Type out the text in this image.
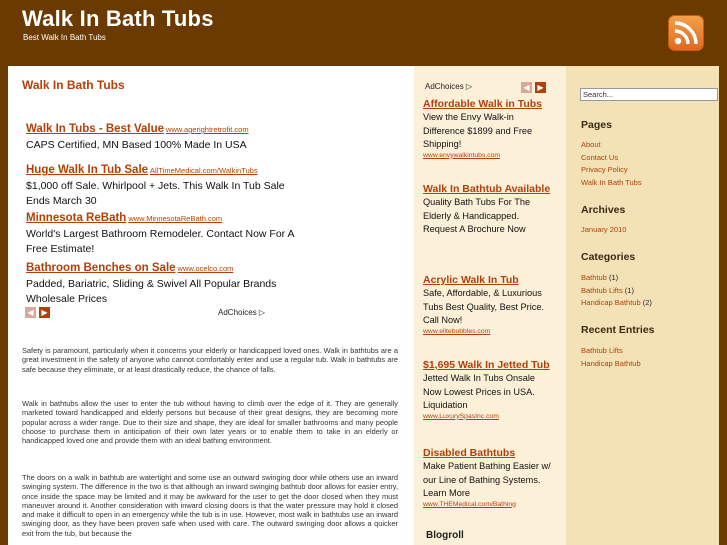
Walk In Bath Tubs
Best Walk In Bath Tubs
Walk In Bath Tubs
Walk In Tubs - Best Value www.agerightretrofit.com
CAPS Certified, MN Based 100% Made In USA
Huge Walk In Tub Sale AllTimeMedical.com/WalkinTubs
$1,000 off Sale. Whirlpool + Jets. This Walk In Tub Sale Ends March 30
Minnesota ReBath www.MinnesotaReBath.com
World's Largest Bathroom Remodeler. Contact Now For A Free Estimate!
Bathroom Benches on Sale www.ocelco.com
Padded, Bariatric, Sliding & Swivel All Popular Brands Wholesale Prices
◀ ▶	AdChoices ▷
Safety is paramount, particularly when it concerns your elderly or handicapped loved ones. Walk in bathtubs are a great investment in the safety of anyone who cannot comfortably enter and use a regular tub. Walk in bathtubs are safe because they eliminate, or at least drastically reduce, the chance of falls.
Walk in bathtubs allow the user to enter the tub without having to climb over the edge of it. They are generally marketed toward handicapped and elderly persons but because of their great designs, they are becoming more popular across a wider range. Due to their size and shape, they are ideal for smaller bathrooms and many people choose to purchase them in anticipation of their own later years or to enable them to take in an elderly or handicapped loved one and provide them with an ideal bathing environment.
The doors on a walk in bathtub are watertight and some use an outward swinging door while others use an inward swinging system. The difference in the two is that although an inward swinging bathtub door allows for easier entry, once inside the space may be limited and it may be awkward for the user to get the door closed when they must maneuver around it. Another consideration with inward closing doors is that the water pressure may hold it closed and make it difficult to open in an emergency while the tub is in use. However, most walk in bathtubs use an inward swinging door, as they have been proven safe when used with care. The outward swinging door allows a quicker exit from the tub, but because the
AdChoices ▷	◀ ▶
Affordable Walk in Tubs
View the Envy Walk-in Difference $1899 and Free Shipping!
www.envywalkintubs.com
Walk In Bathtub Available
Quality Bath Tubs For The Elderly & Handicapped. Request A Brochure Now
Acrylic Walk In Tub
Safe, Affordable, & Luxurious Tubs Best Quality, Best Price. Call Now!
www.elitebubbles.com
$1,695 Walk In Jetted Tub
Jetted Walk In Tubs Onsale Now Lowest Prices in USA. Liquidation
www.LuxurySpasInc.com
Disabled Bathtubs
Make Patient Bathing Easier w/ our Line of Bathing Systems. Learn More
www.THEMedical.com/Bathing
Blogroll
Search...
Pages
About
Contact Us
Privacy Policy
Walk In Bath Tubs
Archives
January 2010
Categories
Bathtub (1)
Bathtub Lifts (1)
Handicap Bathtub (2)
Recent Entries
Bathtub Lifts
Handicap Bathtub
